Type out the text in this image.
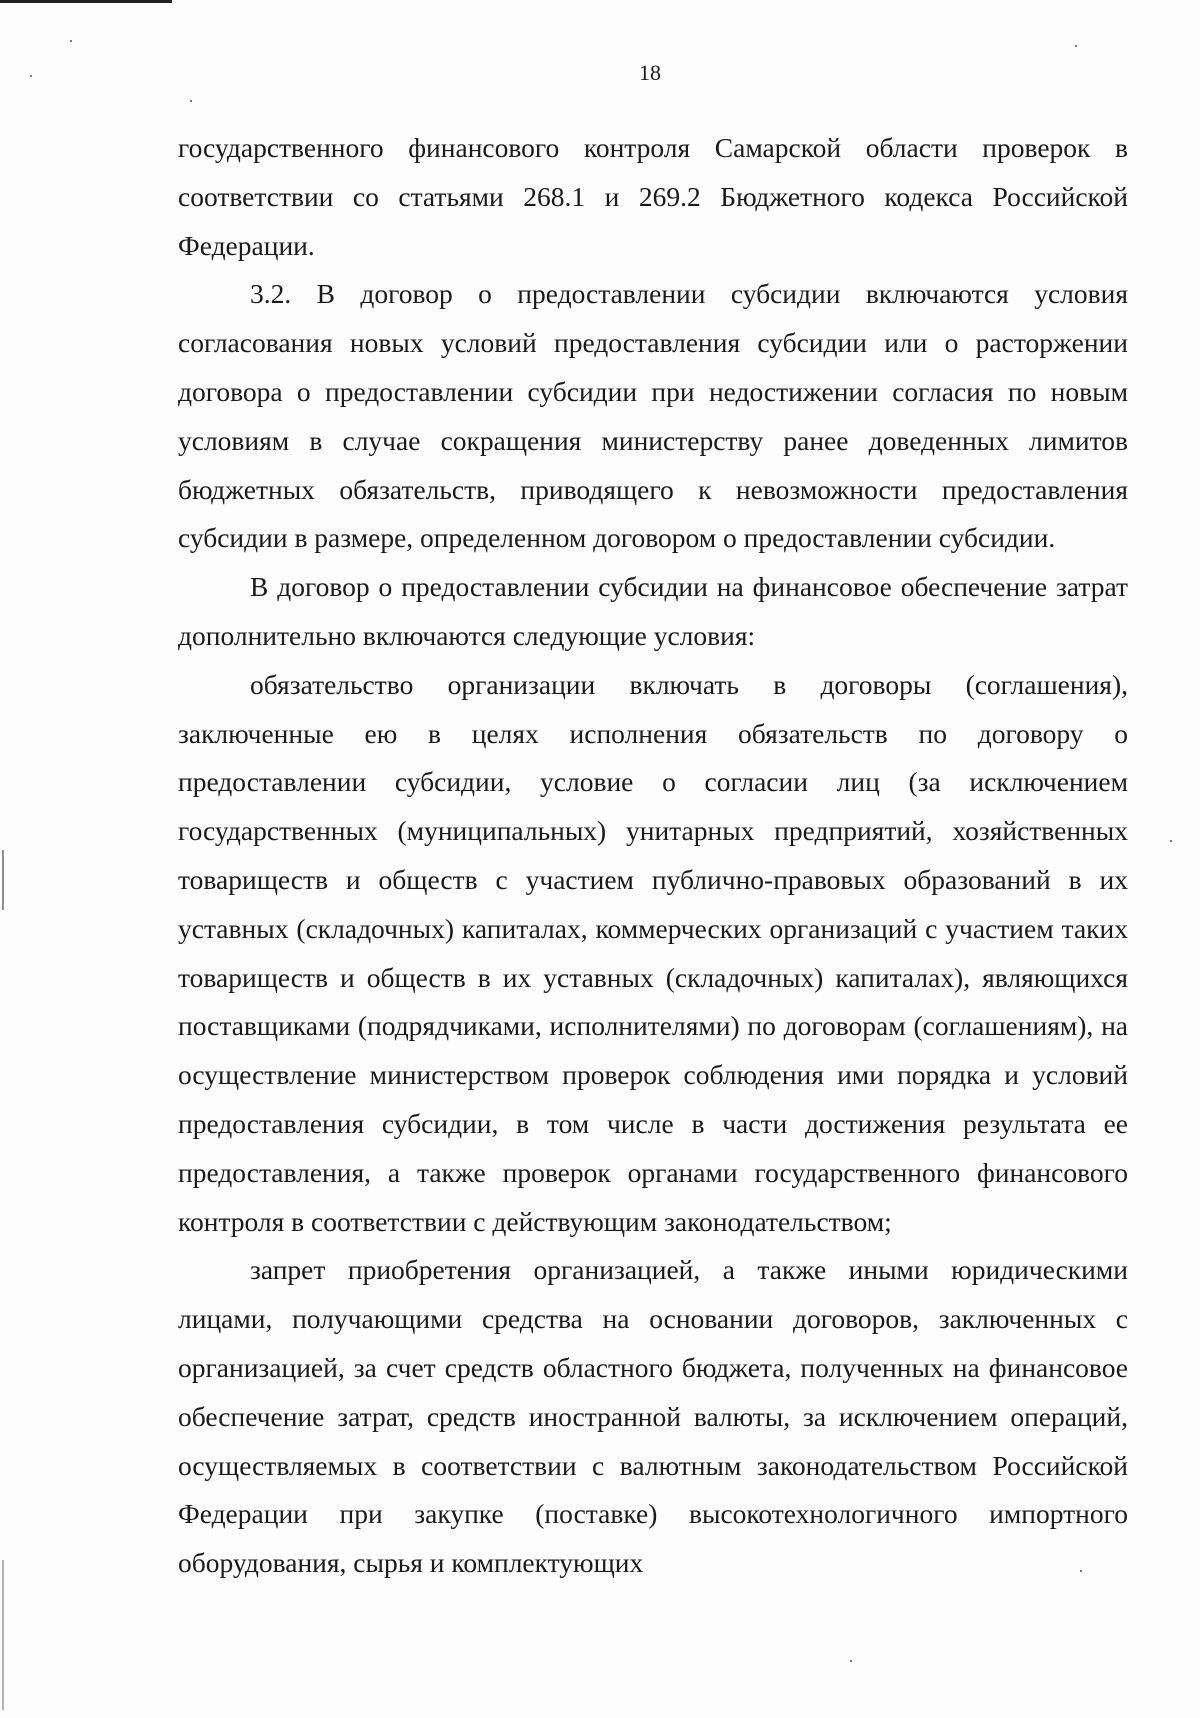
18

государственного финансового контроля Самарской области проверок в соответствии со статьями 268.1 и 269.2 Бюджетного кодекса Российской Федерации.

3.2. В договор о предоставлении субсидии включаются условия согласования новых условий предоставления субсидии или о расторжении договора о предоставлении субсидии при недостижении согласия по новым условиям в случае сокращения министерству ранее доведенных лимитов бюджетных обязательств, приводящего к невозможности предоставления субсидии в размере, определенном договором о предоставлении субсидии.

В договор о предоставлении субсидии на финансовое обеспечение затрат дополнительно включаются следующие условия:

обязательство организации включать в договоры (соглашения), заключенные ею в целях исполнения обязательств по договору о предоставлении субсидии, условие о согласии лиц (за исключением государственных (муниципальных) унитарных предприятий, хозяйственных товариществ и обществ с участием публично-правовых образований в их уставных (складочных) капиталах, коммерческих организаций с участием таких товариществ и обществ в их уставных (складочных) капиталах), являющихся поставщиками (подрядчиками, исполнителями) по договорам (соглашениям), на осуществление министерством проверок соблюдения ими порядка и условий предоставления субсидии, в том числе в части достижения результата ее предоставления, а также проверок органами государственного финансового контроля в соответствии с действующим законодательством;

запрет приобретения организацией, а также иными юридическими лицами, получающими средства на основании договоров, заключенных с организацией, за счет средств областного бюджета, полученных на финансовое обеспечение затрат, средств иностранной валюты, за исключением операций, осуществляемых в соответствии с валютным законодательством Российской Федерации при закупке (поставке) высокотехнологичного импортного оборудования, сырья и комплектующих
